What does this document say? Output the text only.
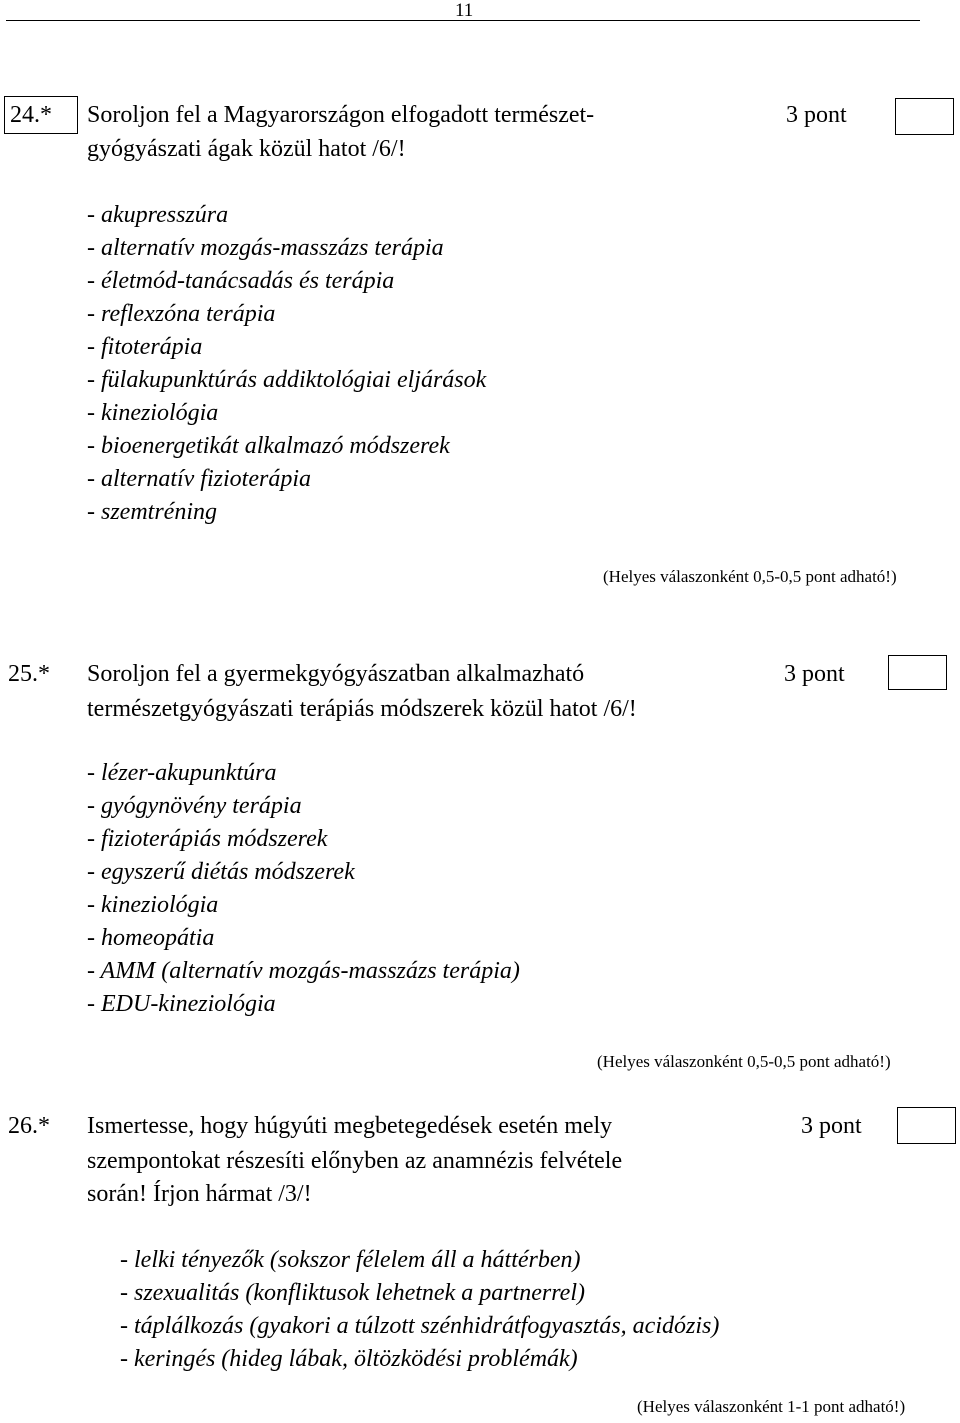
11
24.*	Soroljon fel a Magyarországon elfogadott természet-
gyógyászati ágak közül hatot /6/!
3 pont
- akupresszúra
- alternatív mozgás-masszázs terápia
- életmód-tanácsadás és terápia
- reflexzóna terápia
- fitoterápia
- fülakupunktúrás addiktológiai eljárások
- kineziológia
- bioenergetikát alkalmazó módszerek
- alternatív fizioterápia
- szemtréning
(Helyes válaszonként 0,5-0,5 pont adható!)
25.* Soroljon fel a gyermekgyógyászatban alkalmazható
természetgyógyászati terápiás módszerek közül hatot /6/!
3 pont
- lézer-akupunktúra
- gyógynövény terápia
- fizioterápiás módszerek
- egyszerű diétás módszerek
- kineziológia
- homeopátia
- AMM (alternatív mozgás-masszázs terápia)
- EDU-kineziológia
(Helyes válaszonként 0,5-0,5 pont adható!)
26.* Ismertesse, hogy húgyúti megbetegedések esetén mely
szempontokat részesíti előnyben az anamnézis felvétele
során! Írjon hármat /3/!
3 pont
- lelki tényezők (sokszor félelem áll a háttérben)
- szexualitás (konfliktusok lehetnek a partnerrel)
- táplálkozás (gyakori a túlzott szénhidrátfogyasztás, acidózis)
- keringés (hideg lábak, öltözködési problémák)
(Helyes válaszonként 1-1 pont adható!)
